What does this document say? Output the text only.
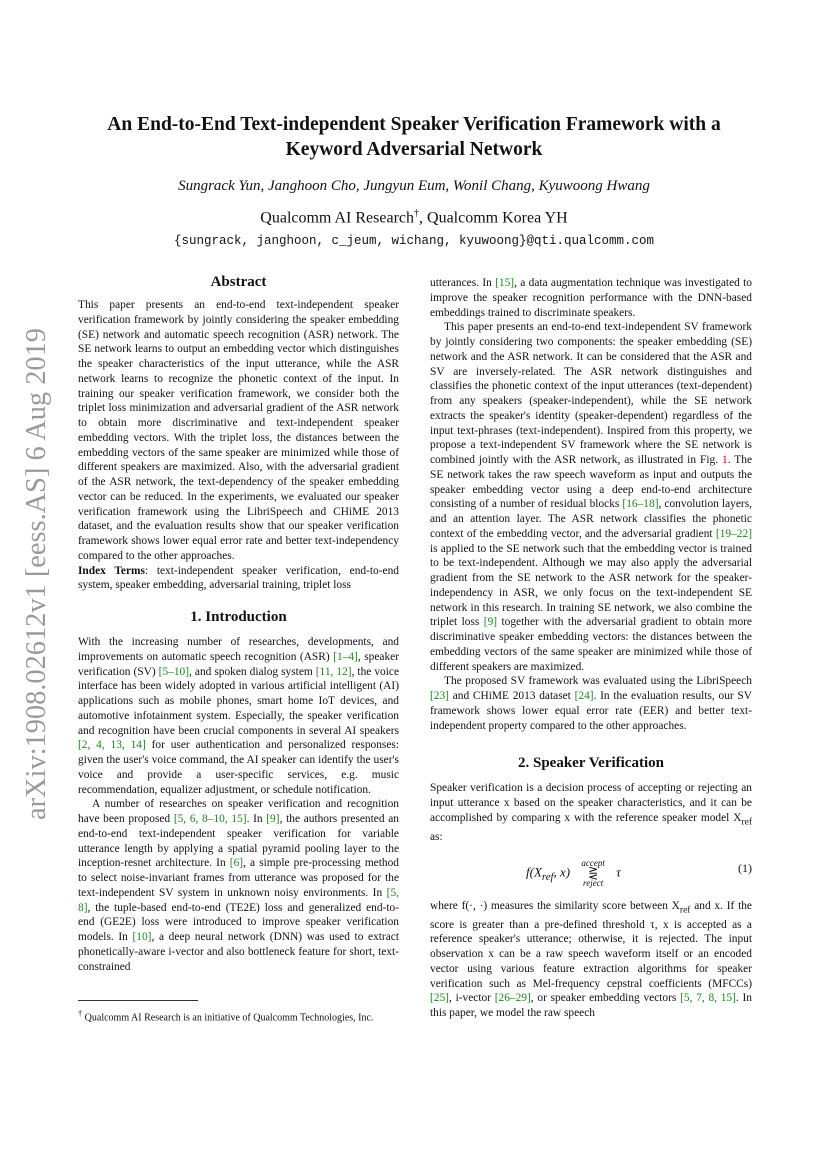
arXiv:1908.02612v1 [eess.AS] 6 Aug 2019
An End-to-End Text-independent Speaker Verification Framework with a
Keyword Adversarial Network
Sungrack Yun, Janghoon Cho, Jungyun Eum, Wonil Chang, Kyuwoong Hwang
Qualcomm AI Research†, Qualcomm Korea YH
{sungrack, janghoon, c_jeum, wichang, kyuwoong}@qti.qualcomm.com
Abstract

This paper presents an end-to-end text-independent speaker verification framework by jointly considering the speaker embedding (SE) network and automatic speech recognition (ASR) network. The SE network learns to output an embedding vector which distinguishes the speaker characteristics of the input utterance, while the ASR network learns to recognize the phonetic context of the input. In training our speaker verification framework, we consider both the triplet loss minimization and adversarial gradient of the ASR network to obtain more discriminative and text-independent speaker embedding vectors. With the triplet loss, the distances between the embedding vectors of the same speaker are minimized while those of different speakers are maximized. Also, with the adversarial gradient of the ASR network, the text-dependency of the speaker embedding vector can be reduced. In the experiments, we evaluated our speaker verification framework using the LibriSpeech and CHiME 2013 dataset, and the evaluation results show that our speaker verification framework shows lower equal error rate and better text-independency compared to the other approaches.

Index Terms: text-independent speaker verification, end-to-end system, speaker embedding, adversarial training, triplet loss

1. Introduction

With the increasing number of researches, developments, and improvements on automatic speech recognition (ASR) [1–4], speaker verification (SV) [5–10], and spoken dialog system [11, 12], the voice interface has been widely adopted in various artificial intelligent (AI) applications such as mobile phones, smart home IoT devices, and automotive infotainment system. Especially, the speaker verification and recognition have been crucial components in several AI speakers [2, 4, 13, 14] for user authentication and personalized responses: given the user's voice command, the AI speaker can identify the user's voice and provide a user-specific services, e.g. music recommendation, equalizer adjustment, or schedule notification.

A number of researches on speaker verification and recognition have been proposed [5, 6, 8–10, 15]. In [9], the authors presented an end-to-end text-independent speaker verification for variable utterance length by applying a spatial pyramid pooling layer to the inception-resnet architecture. In [6], a simple pre-processing method to select noise-invariant frames from utterance was proposed for the text-independent SV system in unknown noisy environments. In [5, 8], the tuple-based end-to-end (TE2E) loss and generalized end-to-end (GE2E) loss were introduced to improve speaker verification models. In [10], a deep neural network (DNN) was used to extract phonetically-aware i-vector and also bottleneck feature for short, text-constrained

† Qualcomm AI Research is an initiative of Qualcomm Technologies, Inc.

utterances. In [15], a data augmentation technique was investigated to improve the speaker recognition performance with the DNN-based embeddings trained to discriminate speakers.

This paper presents an end-to-end text-independent SV framework by jointly considering two components: the speaker embedding (SE) network and the ASR network. It can be considered that the ASR and SV are inversely-related. The ASR network distinguishes and classifies the phonetic context of the input utterances (text-dependent) from any speakers (speaker-independent), while the SE network extracts the speaker's identity (speaker-dependent) regardless of the input text-phrases (text-independent). Inspired from this property, we propose a text-independent SV framework where the SE network is combined jointly with the ASR network, as illustrated in Fig. 1. The SE network takes the raw speech waveform as input and outputs the speaker embedding vector using a deep end-to-end architecture consisting of a number of residual blocks [16–18], convolution layers, and an attention layer. The ASR network classifies the phonetic context of the embedding vector, and the adversarial gradient [19–22] is applied to the SE network such that the embedding vector is trained to be text-independent. Although we may also apply the adversarial gradient from the SE network to the ASR network for the speaker-independency in ASR, we only focus on the text-independent SE network in this research. In training SE network, we also combine the triplet loss [9] together with the adversarial gradient to obtain more discriminative speaker embedding vectors: the distances between the embedding vectors of the same speaker are minimized while those of different speakers are maximized.

The proposed SV framework was evaluated using the LibriSpeech [23] and CHiME 2013 dataset [24]. In the evaluation results, our SV framework shows lower equal error rate (EER) and better text-independent property compared to the other approaches.

2. Speaker Verification

Speaker verification is a decision process of accepting or rejecting an input utterance x based on the speaker characteristics, and it can be accomplished by comparing x with the reference speaker model $X_{ref}$ as:

$f(X_{ref}$, x)
accept
⋛
reject
τ	(1)

where f(·, ·) measures the similarity score between $X_{ref}$ and x. If the score is greater than a pre-defined threshold τ, x is accepted as a reference speaker's utterance; otherwise, it is rejected. The input observation x can be a raw speech waveform itself or an encoded vector using various feature extraction algorithms for speaker verification such as Mel-frequency cepstral coefficients (MFCCs) [25], i-vector [26–29], or speaker embedding vectors [5, 7, 8, 15]. In this paper, we model the raw speech
